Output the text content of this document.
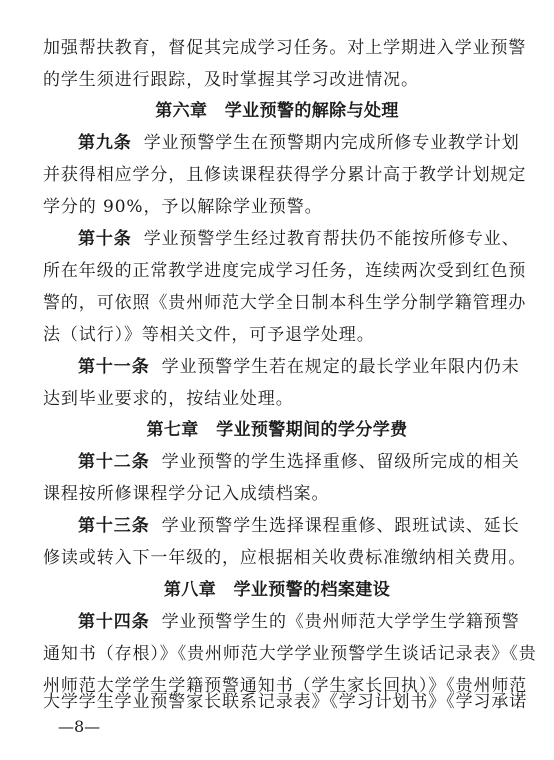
加强帮扶教育，督促其完成学习任务。对上学期进入学业预警
的学生须进行跟踪，及时掌握其学习改进情况。
第六章　学业预警的解除与处理
第九条 学业预警学生在预警期内完成所修专业教学计划
并获得相应学分，且修读课程获得学分累计高于教学计划规定
学分的 90%，予以解除学业预警。
第十条 学业预警学生经过教育帮扶仍不能按所修专业、
所在年级的正常教学进度完成学习任务，连续两次受到红色预
警的，可依照《贵州师范大学全日制本科生学分制学籍管理办
法（试行）》等相关文件，可予退学处理。
第十一条 学业预警学生若在规定的最长学业年限内仍未
达到毕业要求的，按结业处理。
第七章　学业预警期间的学分学费
第十二条 学业预警的学生选择重修、留级所完成的相关
课程按所修课程学分记入成绩档案。
第十三条 学业预警学生选择课程重修、跟班试读、延长
修读或转入下一年级的，应根据相关收费标准缴纳相关费用。
第八章　学业预警的档案建设
第十四条 学业预警学生的《贵州师范大学学生学籍预警
通知书（存根）》《贵州师范大学学业预警学生谈话记录表》《贵
州师范大学学生学籍预警通知书（学生家长回执）》《贵州师范
—8—
大学学生学业预警家长联系记录表》《学习计划书》《学习承诺
